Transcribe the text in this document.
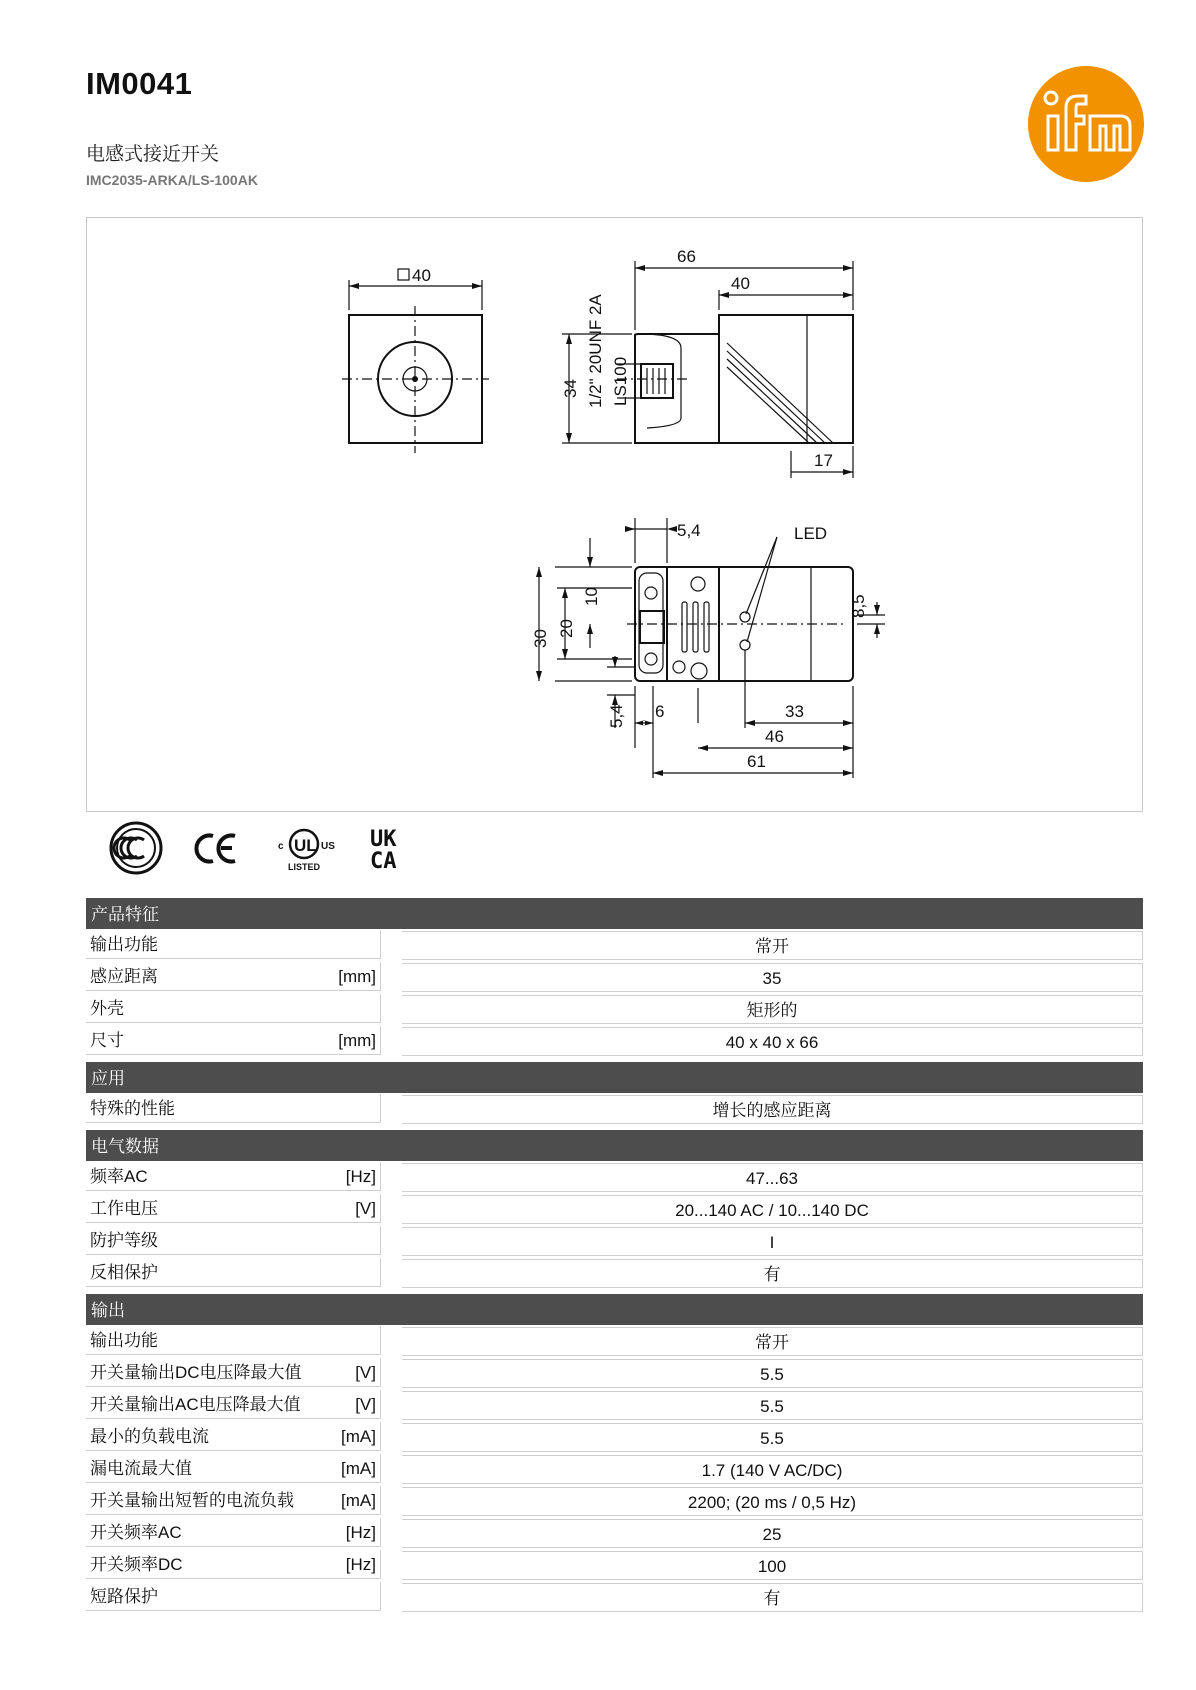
IM0041
电感式接近开关
IMC2035-ARKA/LS-100AK
40
66
40
34 1/2" 20UNF 2A LS100
17
LED
5,4
30
20
10
5,4
8,5
6	33
46
61
UL
c	US
LISTED
UK
CA
产品特征
输出功能	常开
感应距离	[mm]	35
外壳	矩形的
尺寸	[mm]	40 x 40 x 66
应用
特殊的性能	增长的感应距离
电气数据
频率AC	[Hz]	47...63
工作电压	[V]	20...140 AC / 10...140 DC
防护等级	I
反相保护	有
输出
输出功能	常开
开关量输出DC电压降最大值	[V]	5.5
开关量输出AC电压降最大值	[V]	5.5
最小的负载电流	[mA]	5.5
漏电流最大值	[mA]	1.7 (140 V AC/DC)
开关量输出短暂的电流负载	[mA]	2200; (20 ms / 0,5 Hz)
开关频率AC	[Hz]	25
开关频率DC	[Hz]	100
短路保护	有
